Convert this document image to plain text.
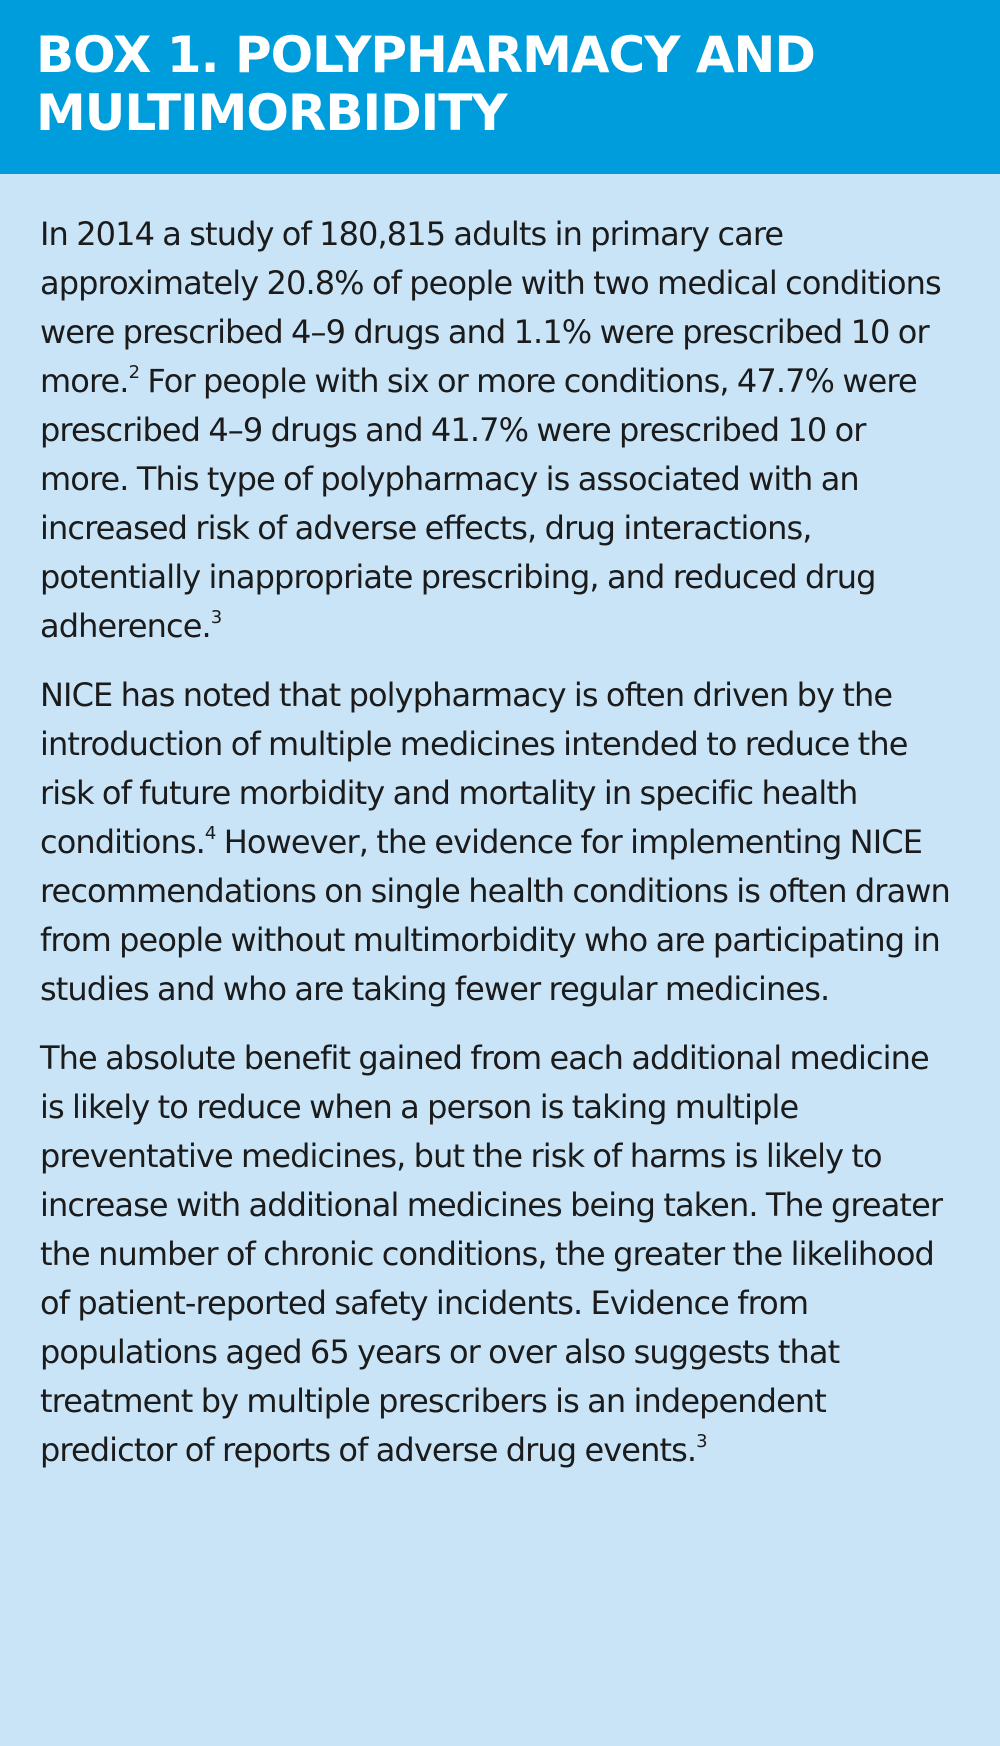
BOX 1. POLYPHARMACY AND MULTIMORBIDITY

In 2014 a study of 180,815 adults in primary care approximately 20.8% of people with two medical conditions were prescribed 4–9 drugs and 1.1% were prescribed 10 or more.$^2$ For people with six or more conditions, 47.7% were prescribed 4–9 drugs and 41.7% were prescribed 10 or more. This type of polypharmacy is associated with an increased risk of adverse effects, drug interactions, potentially inappropriate prescribing, and reduced drug adherence.$^3$

NICE has noted that polypharmacy is often driven by the introduction of multiple medicines intended to reduce the risk of future morbidity and mortality in specific health conditions.$^4$ However, the evidence for implementing NICE recommendations on single health conditions is often drawn from people without multimorbidity who are participating in studies and who are taking fewer regular medicines.

The absolute benefit gained from each additional medicine is likely to reduce when a person is taking multiple preventative medicines, but the risk of harms is likely to increase with additional medicines being taken. The greater the number of chronic conditions, the greater the likelihood of patient-reported safety incidents. Evidence from populations aged 65 years or over also suggests that treatment by multiple prescribers is an independent predictor of reports of adverse drug events.$^3$
